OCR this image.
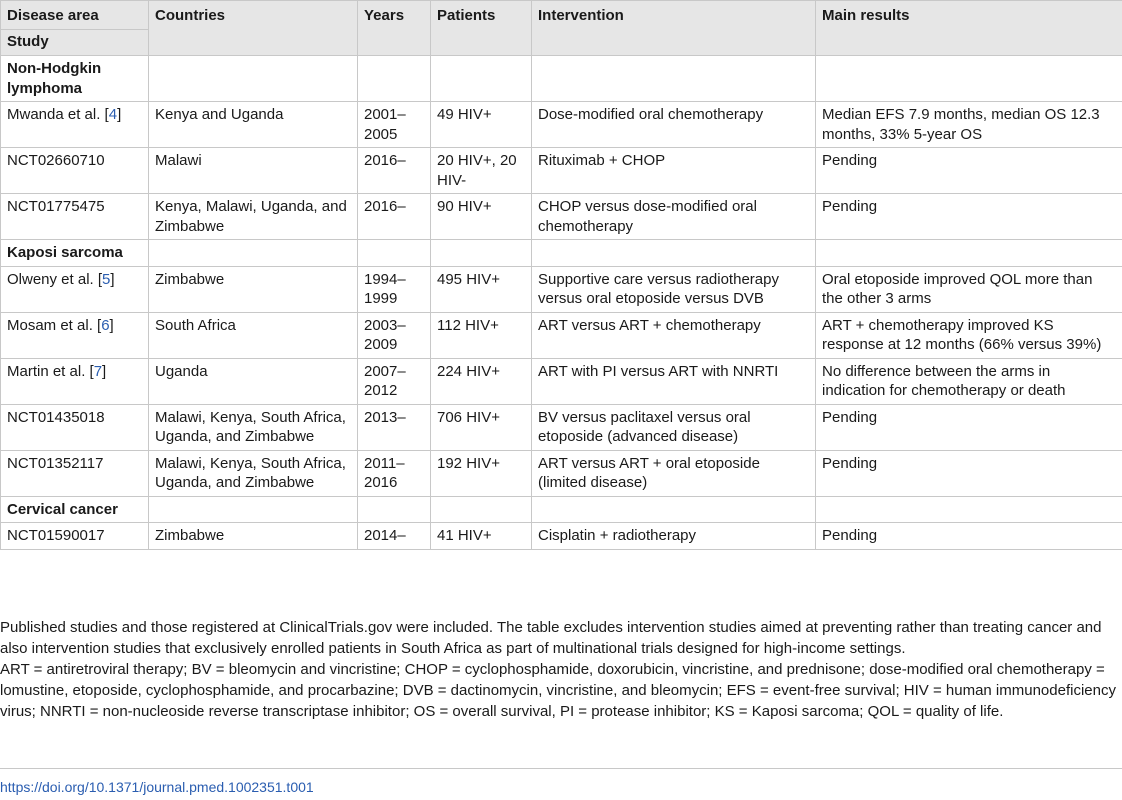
Disease area	Countries	Years	Patients	Intervention	Main results
Study					
Non-Hodgkin lymphoma					
Mwanda et al. [4]	Kenya and Uganda	2001–2005	49 HIV+	Dose-modified oral chemotherapy	Median EFS 7.9 months, median OS 12.3 months, 33% 5-year OS
NCT02660710	Malawi	2016–	20 HIV+, 20 HIV-	Rituximab + CHOP	Pending
NCT01775475	Kenya, Malawi, Uganda, and Zimbabwe	2016–	90 HIV+	CHOP versus dose-modified oral chemotherapy	Pending
Kaposi sarcoma					
Olweny et al. [5]	Zimbabwe	1994–1999	495 HIV+	Supportive care versus radiotherapy versus oral etoposide versus DVB	Oral etoposide improved QOL more than the other 3 arms
Mosam et al. [6]	South Africa	2003–2009	112 HIV+	ART versus ART + chemotherapy	ART + chemotherapy improved KS response at 12 months (66% versus 39%)
Martin et al. [7]	Uganda	2007–2012	224 HIV+	ART with PI versus ART with NNRTI	No difference between the arms in indication for chemotherapy or death
NCT01435018	Malawi, Kenya, South Africa, Uganda, and Zimbabwe	2013–	706 HIV+	BV versus paclitaxel versus oral etoposide (advanced disease)	Pending
NCT01352117	Malawi, Kenya, South Africa, Uganda, and Zimbabwe	2011–2016	192 HIV+	ART versus ART + oral etoposide (limited disease)	Pending
Cervical cancer					
NCT01590017	Zimbabwe	2014–	41 HIV+	Cisplatin + radiotherapy	Pending

Published studies and those registered at ClinicalTrials.gov were included. The table excludes intervention studies aimed at preventing rather than treating cancer and also intervention studies that exclusively enrolled patients in South Africa as part of multinational trials designed for high-income settings.

ART = antiretroviral therapy; BV = bleomycin and vincristine; CHOP = cyclophosphamide, doxorubicin, vincristine, and prednisone; dose-modified oral chemotherapy = lomustine, etoposide, cyclophosphamide, and procarbazine; DVB = dactinomycin, vincristine, and bleomycin; EFS = event-free survival; HIV = human immunodeficiency virus; NNRTI = non-nucleoside reverse transcriptase inhibitor; OS = overall survival, PI = protease inhibitor; KS = Kaposi sarcoma; QOL = quality of life.

https://doi.org/10.1371/journal.pmed.1002351.t001
